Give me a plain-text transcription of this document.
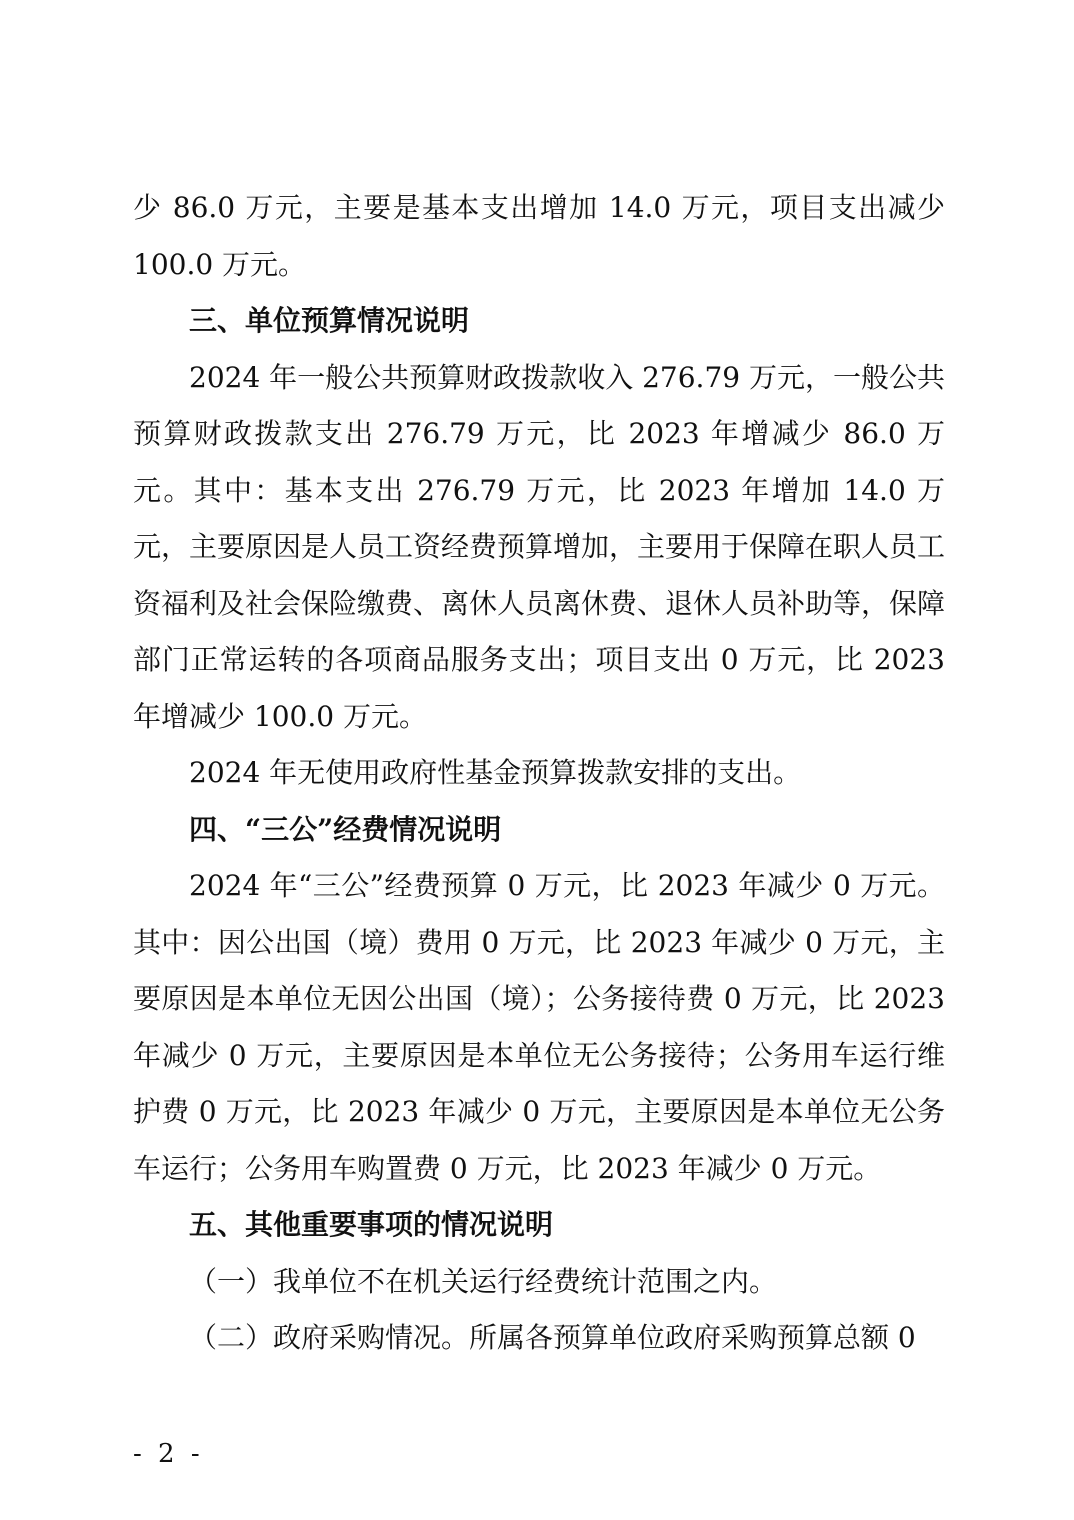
少 86.0 万元，主要是基本支出增加 14.0 万元，项目支出减少 100.0 万元。

三、单位预算情况说明

2024 年一般公共预算财政拨款收入 276.79 万元，一般公共预算财政拨款支出 276.79 万元，比 2023 年增减少 86.0 万元。其中：基本支出 276.79 万元，比 2023 年增加 14.0 万元，主要原因是人员工资经费预算增加，主要用于保障在职人员工资福利及社会保险缴费、离休人员离休费、退休人员补助等，保障部门正常运转的各项商品服务支出；项目支出 0 万元，比 2023 年增减少 100.0 万元。

2024 年无使用政府性基金预算拨款安排的支出。

四、“三公”经费情况说明

2024 年“三公”经费预算 0 万元，比 2023 年减少 0 万元。其中：因公出国（境）费用 0 万元，比 2023 年减少 0 万元，主要原因是本单位无因公出国（境）；公务接待费 0 万元，比 2023 年减少 0 万元，主要原因是本单位无公务接待；公务用车运行维护费 0 万元，比 2023 年减少 0 万元，主要原因是本单位无公务车运行；公务用车购置费 0 万元，比 2023 年减少 0 万元。

五、其他重要事项的情况说明

（一）我单位不在机关运行经费统计范围之内。

（二）政府采购情况。所属各预算单位政府采购预算总额 0

- 2 -
